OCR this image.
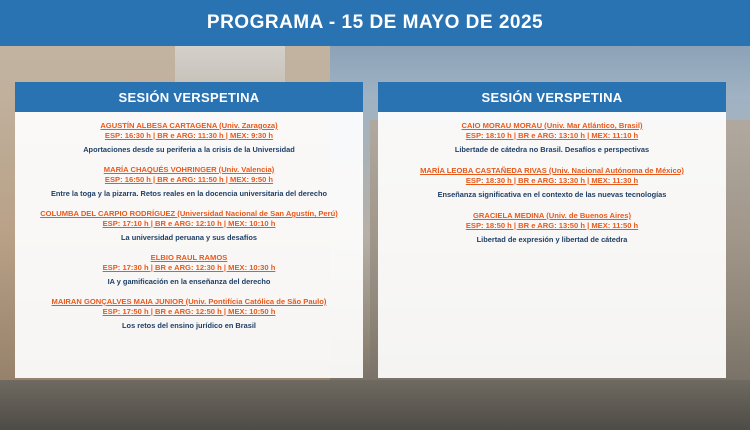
PROGRAMA - 15 DE MAYO DE 2025
SESIÓN VERSPETINA
AGUSTÍN ALBESA CARTAGENA (Univ. Zaragoza)
ESP: 16:30 h | BR e ARG: 11:30 h | MEX: 9:30 h
Aportaciones desde su periferia a la crisis de la Universidad
MARÍA CHAQUÉS VOHRINGER (Univ. Valencia)
ESP: 16:50 h | BR e ARG: 11:50 h | MEX: 9:50 h
Entre la toga y la pizarra. Retos reales en la docencia universitaria del derecho
COLUMBA DEL CARPIO RODRÍGUEZ (Universidad Nacional de San Agustín, Perú)
ESP: 17:10 h | BR e ARG: 12:10 h | MEX: 10:10 h
La universidad peruana y sus desafíos
ELBIO RAUL RAMOS
ESP: 17:30 h | BR e ARG: 12:30 h | MEX: 10:30 h
IA y gamificación en la enseñanza del derecho
MAIRAN GONÇALVES MAIA JUNIOR (Univ. Pontifícia Católica de São Paulo)
ESP: 17:50 h | BR e ARG: 12:50 h | MEX: 10:50 h
Los retos del ensino jurídico en Brasil
SESIÓN VERSPETINA
CAIO MORAU MORAU (Univ. Mar Atlántico, Brasil)
ESP: 18:10 h | BR e ARG: 13:10 h | MEX: 11:10 h
Libertade de cátedra no Brasil. Desafíos e perspectivas
MARÍA LEOBA CASTAÑEDA RIVAS (Univ. Nacional Autónoma de México)
ESP: 18:30 h | BR e ARG: 13:30 h | MEX: 11:30 h
Enseñanza significativa en el contexto de las nuevas tecnologías
GRACIELA MEDINA (Univ. de Buenos Aires)
ESP: 18:50 h | BR e ARG: 13:50 h | MEX: 11:50 h
Libertad de expresión y libertad de cátedra
